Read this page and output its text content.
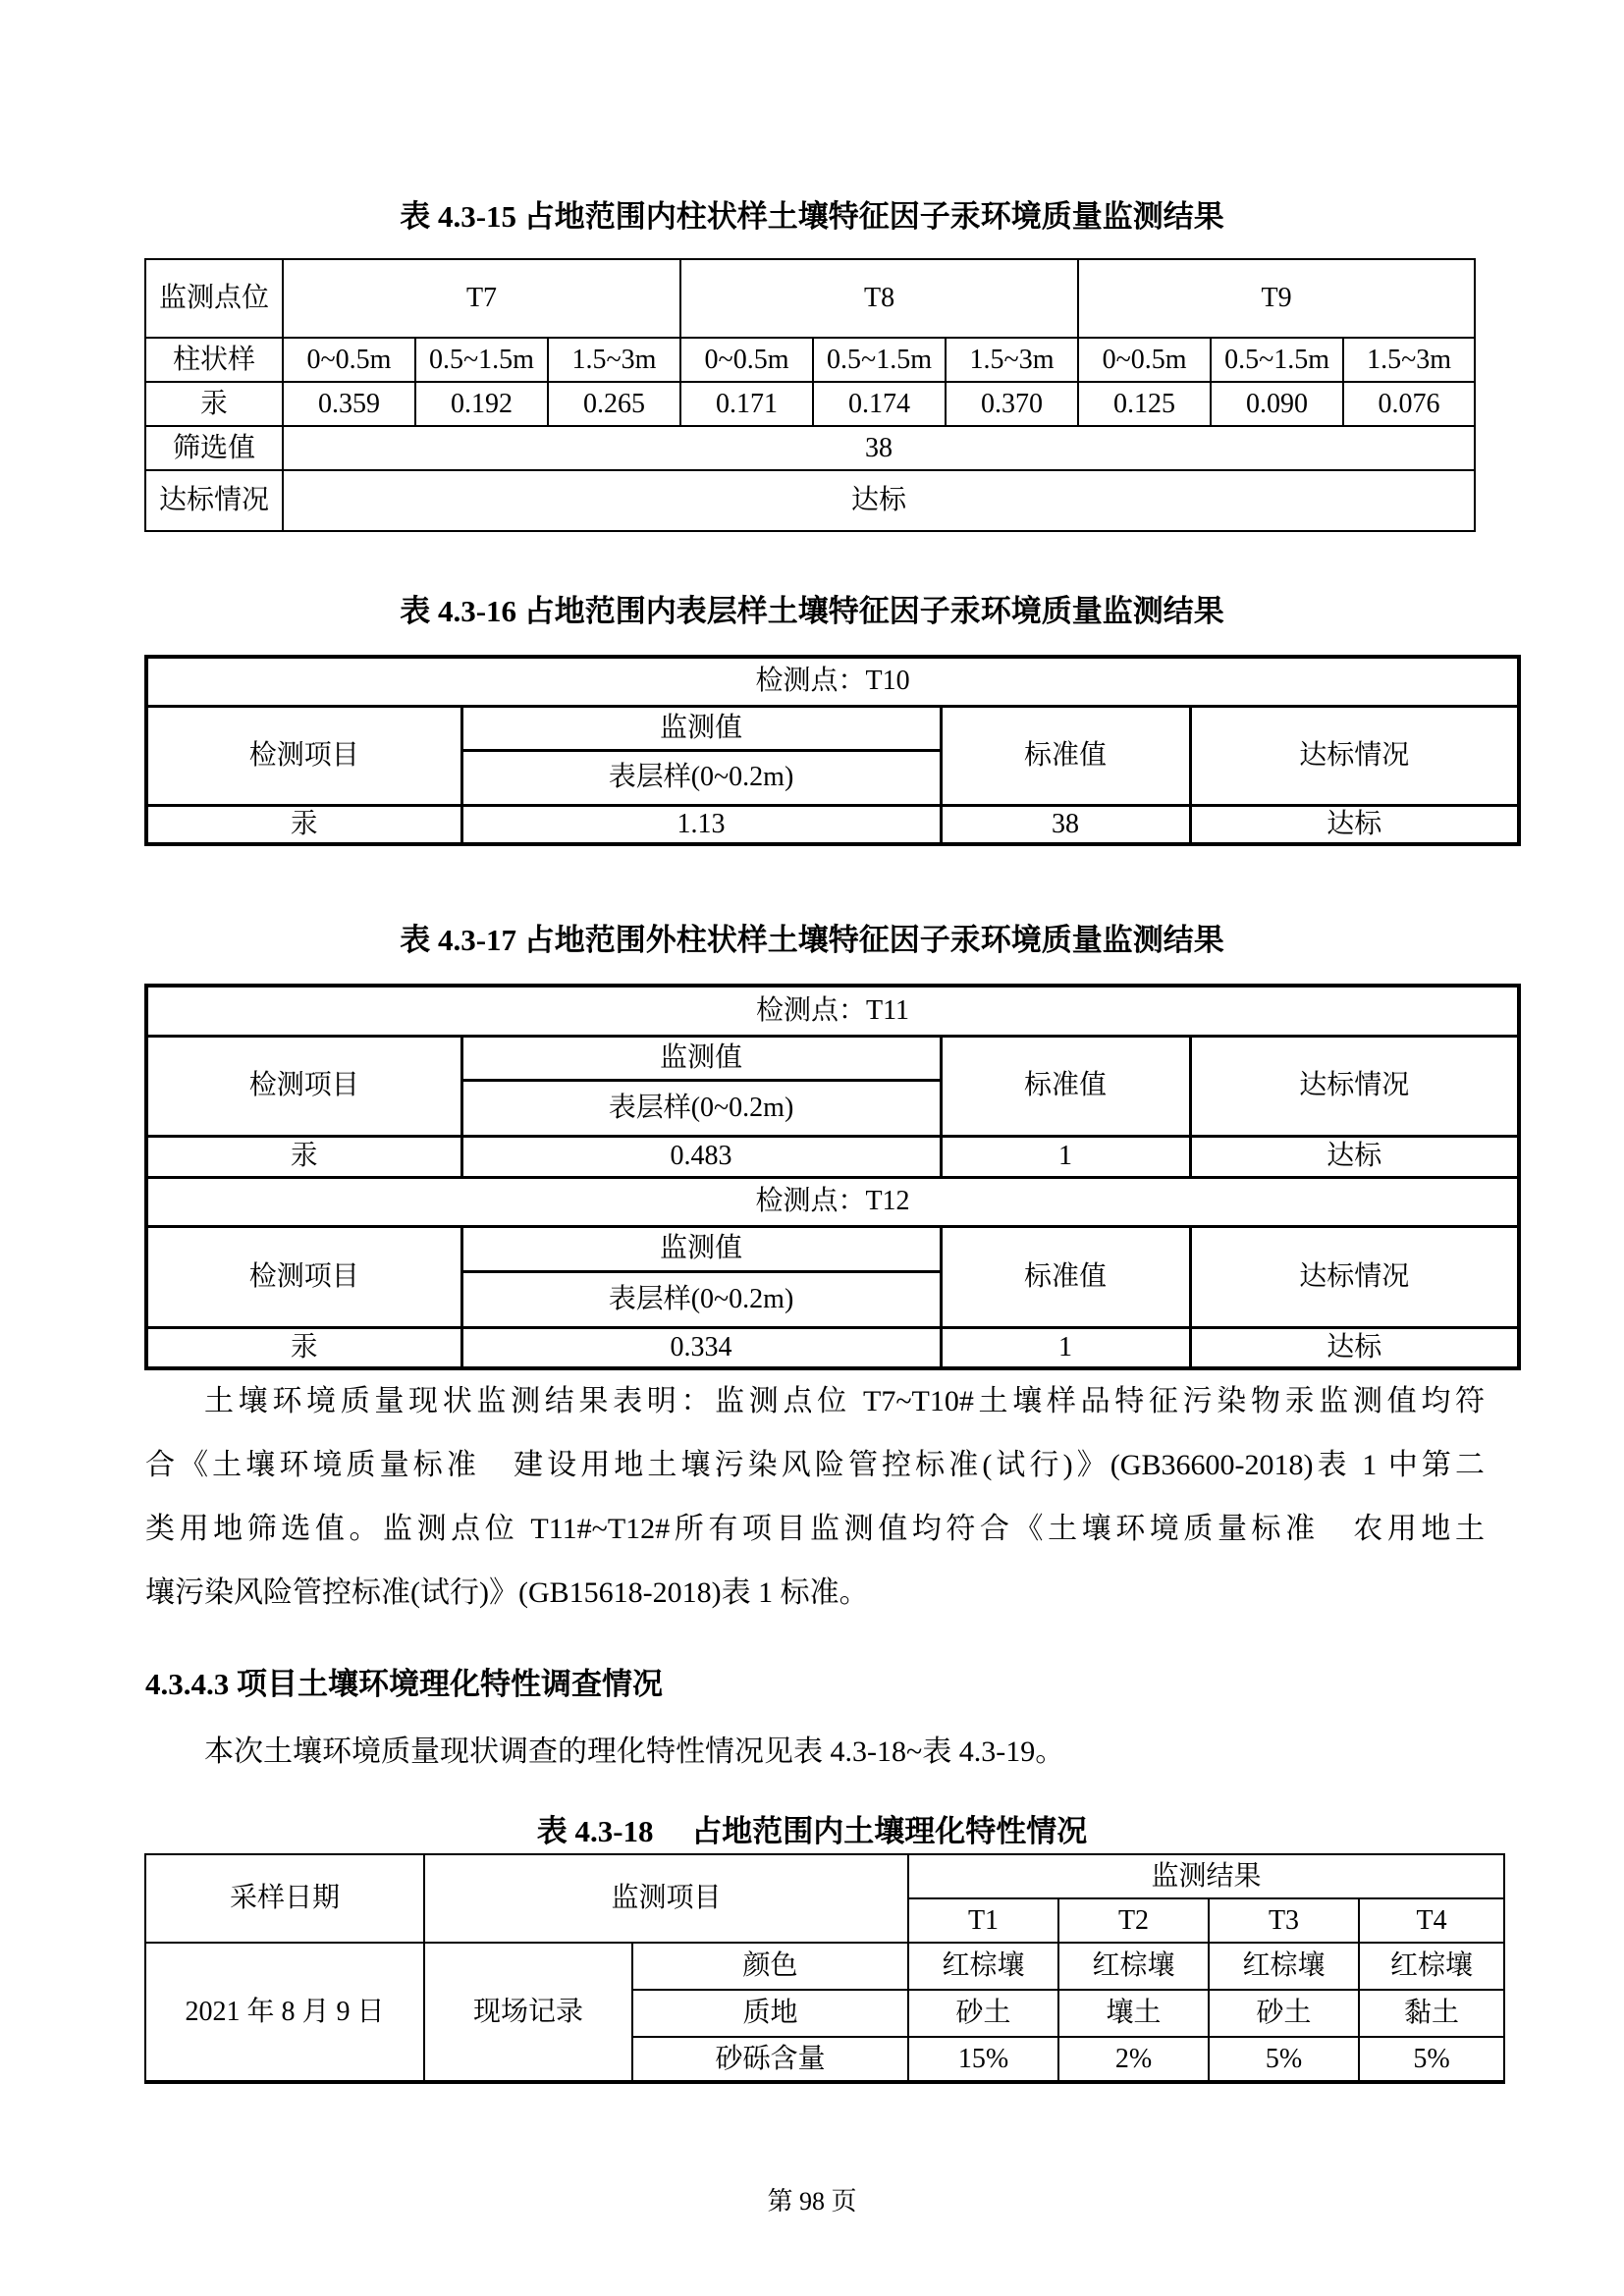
表 4.3-15 占地范围内柱状样土壤特征因子汞环境质量监测结果
监测点位	T7			T8			T9		
柱状样	0~0.5m	0.5~1.5m	1.5~3m	0~0.5m	0.5~1.5m	1.5~3m	0~0.5m	0.5~1.5m	1.5~3m
汞	0.359	0.192	0.265	0.171	0.174	0.370	0.125	0.090	0.076
筛选值	38								
达标情况	达标								
表 4.3-16 占地范围内表层样土壤特征因子汞环境质量监测结果
检测点：T10			
检测项目	监测值	标准值	达标情况
	表层样(0~0.2m)		
汞	1.13	38	达标
表 4.3-17 占地范围外柱状样土壤特征因子汞环境质量监测结果
检测点：T11			
检测项目	监测值	标准值	达标情况
	表层样(0~0.2m)		
汞	0.483	1	达标
检测点：T12			
检测项目	监测值	标准值	达标情况
	表层样(0~0.2m)		
汞	0.334	1	达标
土壤环境质量现状监测结果表明：监测点位 T7~T10#土壤样品特征污染物汞监测值均符
合《土壤环境质量标准　建设用地土壤污染风险管控标准(试行)》(GB36600-2018)表 1 中第二
类用地筛选值。监测点位 T11#~T12#所有项目监测值均符合《土壤环境质量标准　农用地土
壤污染风险管控标准(试行)》(GB15618-2018)表 1 标准。
4.3.4.3 项目土壤环境理化特性调查情况
本次土壤环境质量现状调查的理化特性情况见表 4.3-18~表 4.3-19。
表 4.3-18　 占地范围内土壤理化特性情况
采样日期	监测项目		监测结果			
			T1	T2	T3	T4
2021 年 8 月 9 日	现场记录	颜色	红棕壤	红棕壤	红棕壤	红棕壤
		质地	砂土	壤土	砂土	黏土
		砂砾含量	15%	2%	5%	5%
第 98 页
